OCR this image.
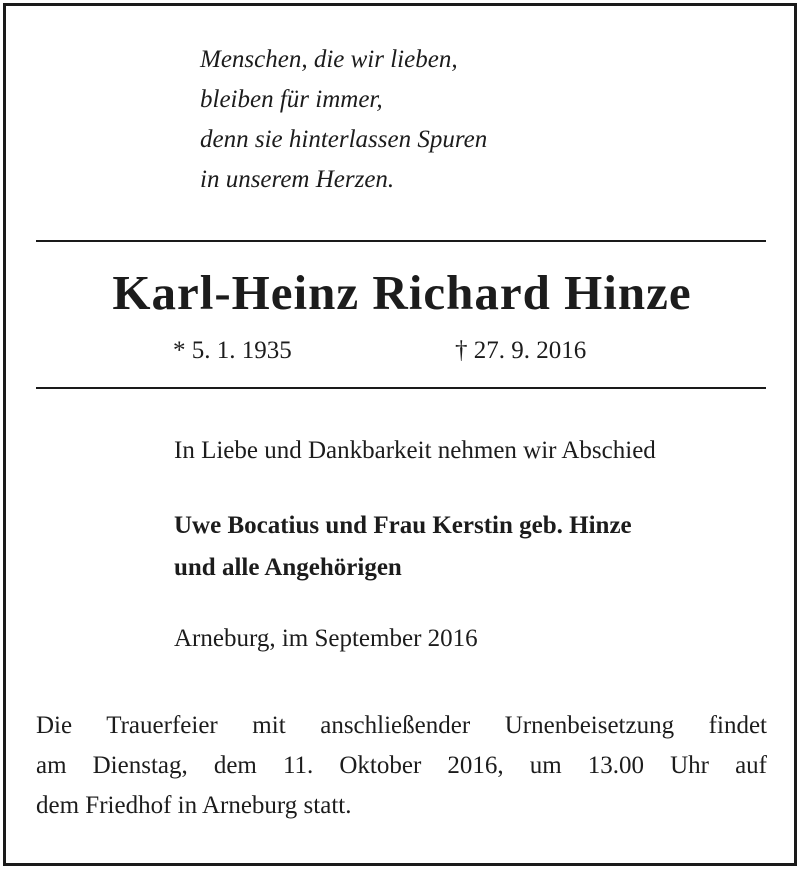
Menschen, die wir lieben,
bleiben für immer,
denn sie hinterlassen Spuren
in unserem Herzen.
Karl-Heinz Richard Hinze
* 5. 1. 1935	† 27. 9. 2016
In Liebe und Dankbarkeit nehmen wir Abschied
Uwe Bocatius und Frau Kerstin geb. Hinze
und alle Angehörigen
Arneburg, im September 2016
Die Trauerfeier mit anschließender Urnenbeisetzung findet
am Dienstag, dem 11. Oktober 2016, um 13.00 Uhr auf
dem Friedhof in Arneburg statt.
